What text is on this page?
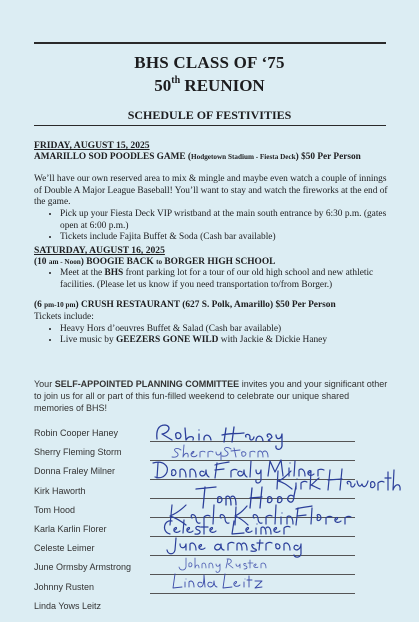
BHS CLASS OF ‘75
50th REUNION
SCHEDULE OF FESTIVITIES
FRIDAY, AUGUST 15, 2025
AMARILLO SOD POODLES GAME (Hodgetown Stadium - Fiesta Deck) $50 Per Person
We’ll have our own reserved area to mix & mingle and maybe even watch a couple of innings of Double A Major League Baseball! You’ll want to stay and watch the fireworks at the end of the game.
• Pick up your Fiesta Deck VIP wristband at the main south entrance by 6:30 p.m. (gates open at 6:00 p.m.)
• Tickets include Fajita Buffet & Soda (Cash bar available)
SATURDAY, AUGUST 16, 2025
(10 am - Noon) BOOGIE BACK to BORGER HIGH SCHOOL
• Meet at the BHS front parking lot for a tour of our old high school and new athletic facilities. (Please let us know if you need transportation to/from Borger.)
(6 pm-10 pm) CRUSH RESTAURANT (627 S. Polk, Amarillo) $50 Per Person
Tickets include:
• Heavy Hors d’oeuvres Buffet & Salad (Cash bar available)
• Live music by GEEZERS GONE WILD with Jackie & Dickie Haney
Your SELF-APPOINTED PLANNING COMMITTEE invites you and your significant other to join us for all or part of this fun-filled weekend to celebrate our unique shared memories of BHS!
Robin Cooper Haney
Sherry Fleming Storm
Donna Fraley Milner
Kirk Haworth
Tom Hood
Karla Karlin Florer
Celeste Leimer
June Ormsby Armstrong
Johnny Rusten
Linda Yows Leitz
